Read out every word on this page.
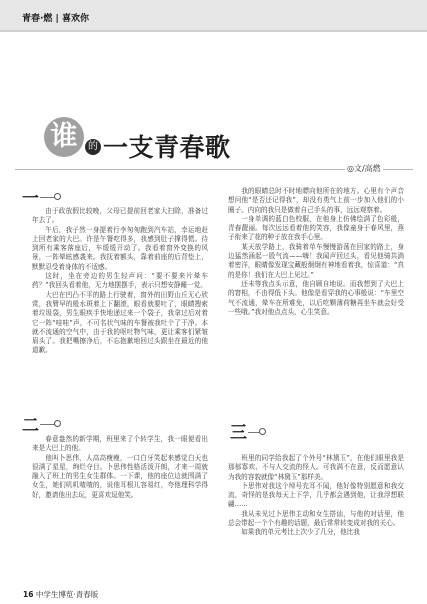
青春·燃 | 喜欢你
谁	的 一支青春歌
◎文/高燃
一

由于政放假比较晚，父母已提前回老家大扫除，准备过年去了。

午后，我子然一身提着行李匆匆跑到汽车站，幸运地赶上回老家的大巴。许是午餐吃得多，我感到肚子撑得慌。待到所有乘客落座后，车缓缓开动了。我看着窗外变换的风景，一阵晕眩感袭来。我抚着额头，靠着前座的后背垫上，默默忍受着身体的不适感。

这时，坐在旁边的男生轻声问：“要不要来片晕车药？”我回头看着他，无力地摆摆手，表示只想安静睡一觉。

大巴在凹凸不平的路上行驶着，窗外的田野山丘无心欣赏，我臂早的般水斑着上下翻滚，眼看就要吐了，眼睛搜索着垃圾袋，男生眼疾手快地递过来一个袋子，我拿过后对着它一阵“哇哇”声，不可名状气味的车餐被我吐个了干净。本就不流通的空气中，由于我的呕吐物气味，更让乘客们紧皱眉头了。我把嘴擦净后，不忘抱歉地回过头跟坐在最近的他道歉。

二

春意盎然的新学期，班里来了个转学生，我一眼便看出来是大巴上的他。

他叫卜思伟，人高高瘦瘦，一口白牙笑起来感觉白天也很满了星星，绚烂夺目。卜思伟性格活泼开朗，才来一周就融入了班上的男生女生群体。一下课，他的座位边就围满了女生，她们叽叽喳喳的，说他耳根儿容易红，夸他理科学得好，邀请他出去玩，更喜欢逗他笑。

我的眼睛总时不时地瞟向他所在的地方。心里有个声音想问他“是否还记得我”，却没有勇气上前一步加入他们的小圈子。内向的我只是做着自己手头的事，远远观察着。

一身单调的蓝白色校服，在他身上仿佛绘满了色彩般，青春靓丽。每次远远看着他的笑容，我像童身于春风里，燕子衔来了花的种子放在我手心里。

某天放学路上，我骑着单车慢慢游荡在回家的路上，身边猛然涌起一股气流——嗨！我闻声回过头，看见他骑共淌着密洋，眼睛像发现宝藏般炯炯有神地看着我，惊喜道：“真的是你！我们在大巴上见过。”

还未等我点头示意，他自顾自地说。而我想到了大巴上的窘相，不由得低下头。他像是看穿我的心事般说：“车里空气不流通，晕车在所难免，以后吃颗薄荷糖再坐车就会好受一些哦。”我对他点点头，心生笑意。

三

班里的同学给我起了个外号“林黛玉”，在他们眼里我是那郁寡欢、不与人交流的怪人。可我满不在意，反而愿意认为我的容貌就像“林黛玉”那样美。

卜思伟对我这个绰号充耳不闻，他好像特别愿意和我交流，奇怪的是我每天上下学，几乎都会遇到他，让我浮想联翩……

我从未见过卜思伟主动和女生搭讪，与他的对话里，他总会带起一个个有趣的话题，最后常常转变成对我的关心。

如果我的单元考比上次少了几分，他比我

16 中学生博览·青春版
